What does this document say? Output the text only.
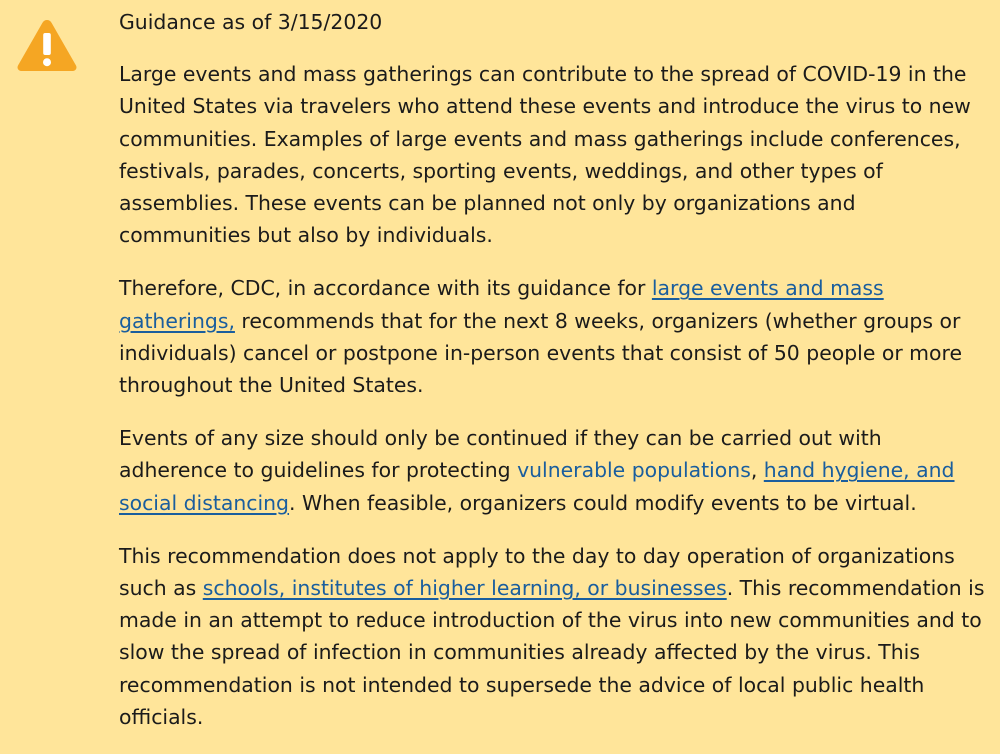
Guidance as of 3/15/2020

Large events and mass gatherings can contribute to the spread of COVID-19 in the United States via travelers who attend these events and introduce the virus to new communities. Examples of large events and mass gatherings include conferences, festivals, parades, concerts, sporting events, weddings, and other types of assemblies. These events can be planned not only by organizations and communities but also by individuals.

Therefore, CDC, in accordance with its guidance for large events and mass gatherings, recommends that for the next 8 weeks, organizers (whether groups or individuals) cancel or postpone in-person events that consist of 50 people or more throughout the United States.

Events of any size should only be continued if they can be carried out with adherence to guidelines for protecting vulnerable populations, hand hygiene, and social distancing. When feasible, organizers could modify events to be virtual.

This recommendation does not apply to the day to day operation of organizations such as schools, institutes of higher learning, or businesses. This recommendation is made in an attempt to reduce introduction of the virus into new communities and to slow the spread of infection in communities already affected by the virus. This recommendation is not intended to supersede the advice of local public health officials.
